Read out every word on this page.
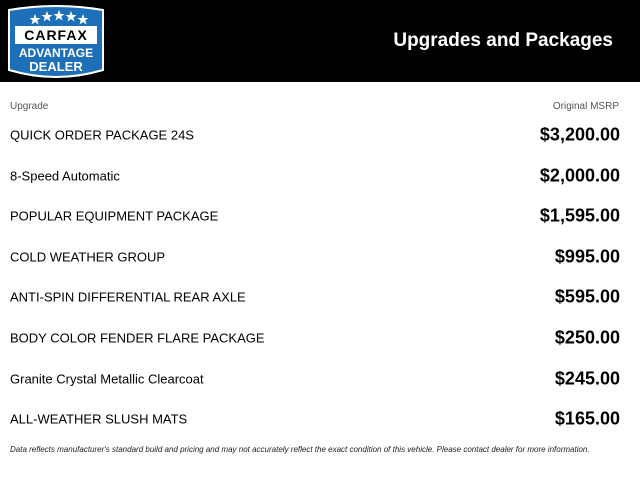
CARFAX
ADVANTAGE
DEALER
Upgrades and Packages
Upgrade	Original MSRP
QUICK ORDER PACKAGE 24S	$3,200.00
8-Speed Automatic	$2,000.00
POPULAR EQUIPMENT PACKAGE	$1,595.00
COLD WEATHER GROUP	$995.00
ANTI-SPIN DIFFERENTIAL REAR AXLE	$595.00
BODY COLOR FENDER FLARE PACKAGE	$250.00
Granite Crystal Metallic Clearcoat	$245.00
ALL-WEATHER SLUSH MATS	$165.00
Data reflects manufacturer's standard build and pricing and may not accurately reflect the exact condition of this vehicle. Please contact dealer for more information.
